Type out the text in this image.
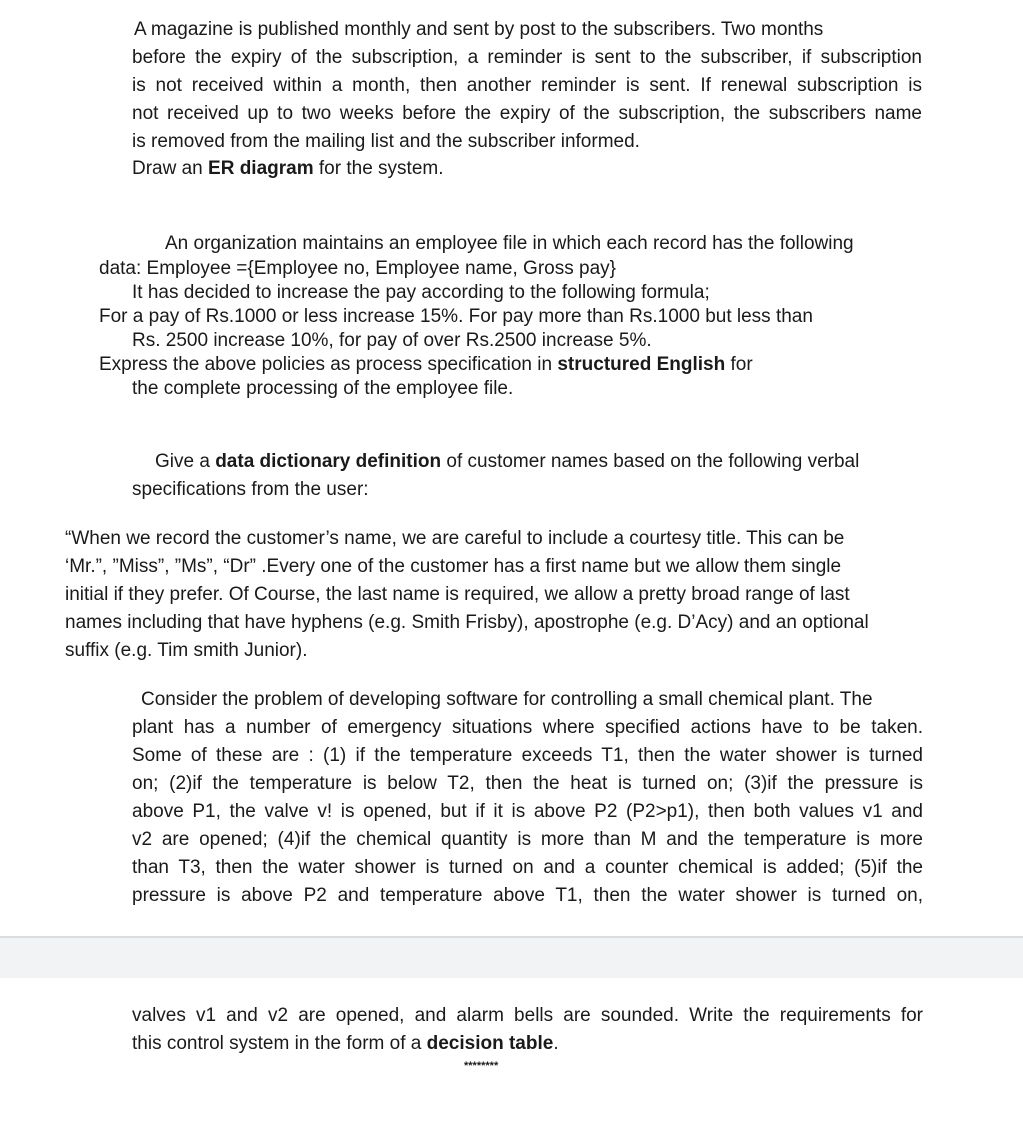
A magazine is published monthly and sent by post to the subscribers. Two months
before the expiry of the subscription, a reminder is sent to the subscriber, if subscription
is not received within a month, then another reminder is sent. If renewal subscription is
not received up to two weeks before the expiry of the subscription, the subscribers name
is removed from the mailing list and the subscriber informed.
Draw an ER diagram for the system.
An organization maintains an employee file in which each record has the following
data: Employee ={Employee no, Employee name, Gross pay}
It has decided to increase the pay according to the following formula;
For a pay of Rs.1000 or less increase 15%. For pay more than Rs.1000 but less than
Rs. 2500 increase 10%, for pay of over Rs.2500 increase 5%.
Express the above policies as process specification in structured English for
the complete processing of the employee file.
Give a data dictionary definition of customer names based on the following verbal
specifications from the user:
“When we record the customer’s name, we are careful to include a courtesy title. This can be
‘Mr.”, ”Miss”, ”Ms”, “Dr” .Every one of the customer has a first name but we allow them single
initial if they prefer. Of Course, the last name is required, we allow a pretty broad range of last
names including that have hyphens (e.g. Smith Frisby), apostrophe (e.g. D’Acy) and an optional
suffix (e.g. Tim smith Junior).
Consider the problem of developing software for controlling a small chemical plant. The
plant has a number of emergency situations where specified actions have to be taken.
Some of these are : (1) if the temperature exceeds T1, then the water shower is turned
on; (2)if the temperature is below T2, then the heat is turned on; (3)if the pressure is
above P1, the valve v! is opened, but if it is above P2 (P2>p1), then both values v1 and
v2 are opened; (4)if the chemical quantity is more than M and the temperature is more
than T3, then the water shower is turned on and a counter chemical is added; (5)if the
pressure is above P2 and temperature above T1, then the water shower is turned on,
valves v1 and v2 are opened, and alarm bells are sounded. Write the requirements for
this control system in the form of a decision table.
********
